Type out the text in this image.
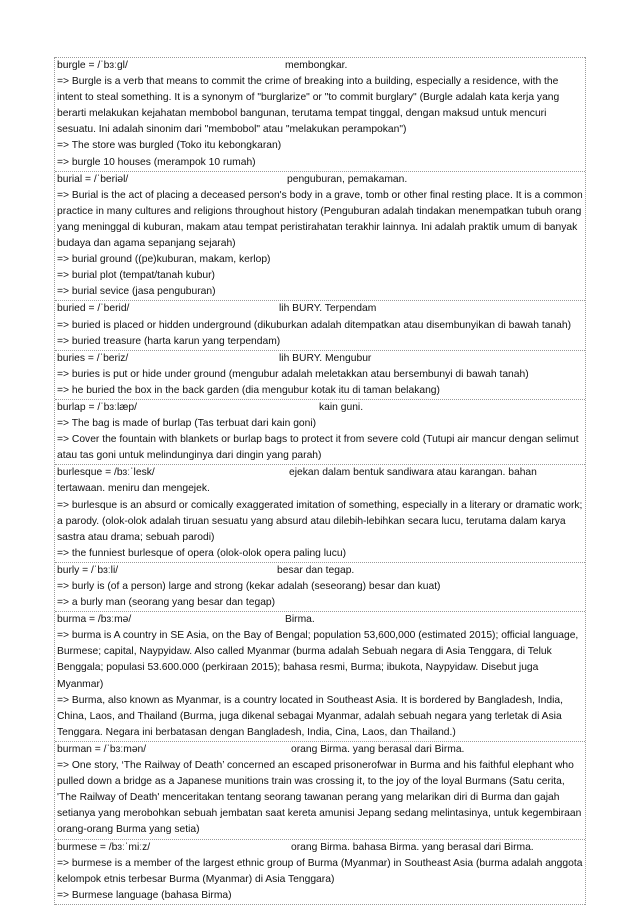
burgle = /ˈbɜːɡl/	membongkar.
=> Burgle is a verb that means to commit the crime of breaking into a building, especially a residence, with the intent to steal something. It is a synonym of "burglarize" or "to commit burglary" (Burgle adalah kata kerja yang berarti melakukan kejahatan membobol bangunan, terutama tempat tinggal, dengan maksud untuk mencuri sesuatu. Ini adalah sinonim dari "membobol" atau "melakukan perampokan")
=> The store was burgled (Toko itu kebongkaran)
=> burgle 10 houses (merampok 10 rumah)
burial = /ˈberiəl/	penguburan, pemakaman.
=> Burial is the act of placing a deceased person's body in a grave, tomb or other final resting place. It is a common practice in many cultures and religions throughout history (Penguburan adalah tindakan menempatkan tubuh orang yang meninggal di kuburan, makam atau tempat peristirahatan terakhir lainnya. Ini adalah praktik umum di banyak budaya dan agama sepanjang sejarah)
=> burial ground ((pe)kuburan, makam, kerlop)
=> burial plot (tempat/tanah kubur)
=> burial sevice (jasa penguburan)
buried = /ˈberid/	lih BURY. Terpendam
=> buried is placed or hidden underground (dikuburkan adalah ditempatkan atau disembunyikan di bawah tanah)
=> buried treasure (harta karun yang terpendam)
buries = /ˈberiz/	lih BURY. Mengubur
=> buries is put or hide under ground (mengubur adalah meletakkan atau bersembunyi di bawah tanah)
=> he buried the box in the back garden (dia mengubur kotak itu di taman belakang)
burlap = /ˈbɜːlæp/	kain guni.
=> The bag is made of burlap (Tas terbuat dari kain goni)
=> Cover the fountain with blankets or burlap bags to protect it from severe cold (Tutupi air mancur dengan selimut atau tas goni untuk melindunginya dari dingin yang parah)
burlesque = /bɜːˈlesk/	ejekan dalam bentuk sandiwara atau karangan. bahan
tertawaan. meniru dan mengejek.
=> burlesque is an absurd or comically exaggerated imitation of something, especially in a literary or dramatic work; a parody. (olok-olok adalah tiruan sesuatu yang absurd atau dilebih-lebihkan secara lucu, terutama dalam karya sastra atau drama; sebuah parodi)
=> the funniest burlesque of opera (olok-olok opera paling lucu)
burly = /ˈbɜːli/	besar dan tegap.
=> burly is (of a person) large and strong (kekar adalah (seseorang) besar dan kuat)
=> a burly man (seorang yang besar dan tegap)
burma = /bɜːmə/	Birma.
=> burma is A country in SE Asia, on the Bay of Bengal; population 53,600,000 (estimated 2015); official language, Burmese; capital, Naypyidaw. Also called Myanmar (burma adalah Sebuah negara di Asia Tenggara, di Teluk Benggala; populasi 53.600.000 (perkiraan 2015); bahasa resmi, Burma; ibukota, Naypyidaw. Disebut juga Myanmar)
=> Burma, also known as Myanmar, is a country located in Southeast Asia. It is bordered by Bangladesh, India, China, Laos, and Thailand (Burma, juga dikenal sebagai Myanmar, adalah sebuah negara yang terletak di Asia Tenggara. Negara ini berbatasan dengan Bangladesh, India, Cina, Laos, dan Thailand.)
burman = /ˈbɜːmən/	orang Birma. yang berasal dari Birma.
=> One story, ‘The Railway of Death’ concerned an escaped prisonerofwar in Burma and his faithful elephant who pulled down a bridge as a Japanese munitions train was crossing it, to the joy of the loyal Burmans (Satu cerita, 'The Railway of Death' menceritakan tentang seorang tawanan perang yang melarikan diri di Burma dan gajah setianya yang merobohkan sebuah jembatan saat kereta amunisi Jepang sedang melintasinya, untuk kegembiraan orang-orang Burma yang setia)
burmese = /bɜːˈmiːz/	orang Birma. bahasa Birma. yang berasal dari Birma.
=> burmese is a member of the largest ethnic group of Burma (Myanmar) in Southeast Asia (burma adalah anggota kelompok etnis terbesar Burma (Myanmar) di Asia Tenggara)
=> Burmese language (bahasa Birma)
